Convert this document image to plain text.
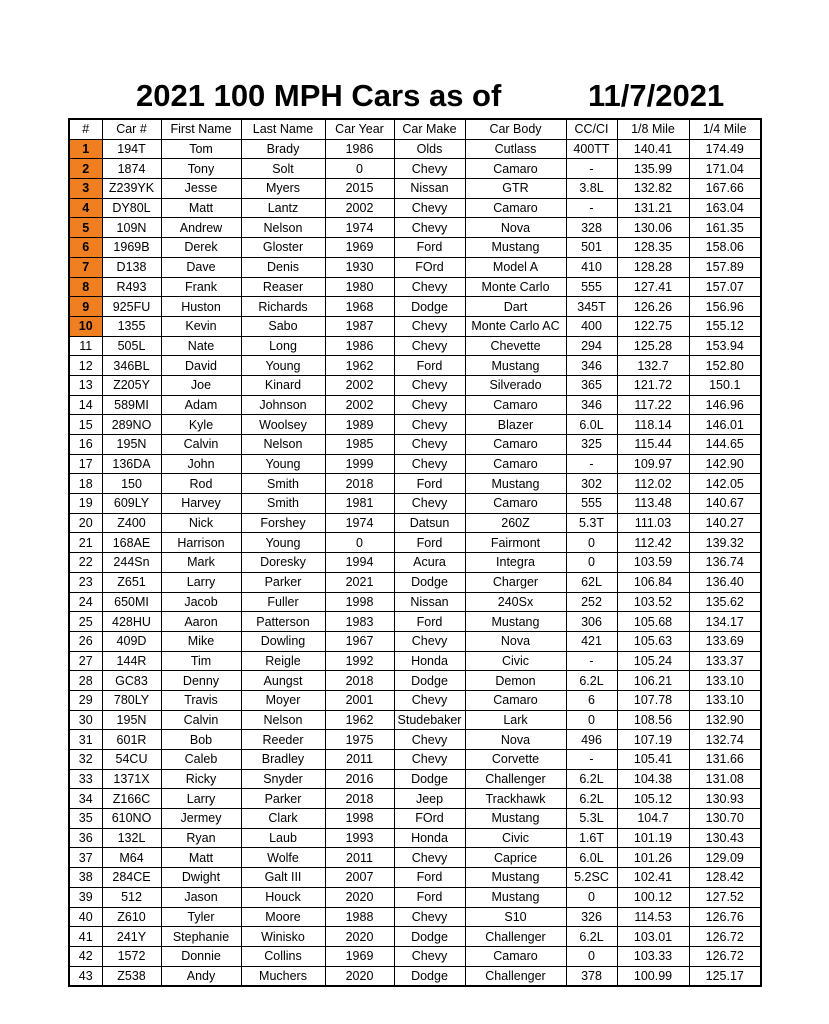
2021 100 MPH Cars as of	11/7/2021
#	Car #	First Name	Last Name	Car Year	Car Make	Car Body	CC/CI	1/8 Mile	1/4 Mile
1	194T	Tom	Brady	1986	Olds	Cutlass	400TT	140.41	174.49
2	1874	Tony	Solt	0	Chevy	Camaro	-	135.99	171.04
3	Z239YK	Jesse	Myers	2015	Nissan	GTR	3.8L	132.82	167.66
4	DY80L	Matt	Lantz	2002	Chevy	Camaro	-	131.21	163.04
5	109N	Andrew	Nelson	1974	Chevy	Nova	328	130.06	161.35
6	1969B	Derek	Gloster	1969	Ford	Mustang	501	128.35	158.06
7	D138	Dave	Denis	1930	FOrd	Model A	410	128.28	157.89
8	R493	Frank	Reaser	1980	Chevy	Monte Carlo	555	127.41	157.07
9	925FU	Huston	Richards	1968	Dodge	Dart	345T	126.26	156.96
10	1355	Kevin	Sabo	1987	Chevy	Monte Carlo AC	400	122.75	155.12
11	505L	Nate	Long	1986	Chevy	Chevette	294	125.28	153.94
12	346BL	David	Young	1962	Ford	Mustang	346	132.7	152.80
13	Z205Y	Joe	Kinard	2002	Chevy	Silverado	365	121.72	150.1
14	589MI	Adam	Johnson	2002	Chevy	Camaro	346	117.22	146.96
15	289NO	Kyle	Woolsey	1989	Chevy	Blazer	6.0L	118.14	146.01
16	195N	Calvin	Nelson	1985	Chevy	Camaro	325	115.44	144.65
17	136DA	John	Young	1999	Chevy	Camaro	-	109.97	142.90
18	150	Rod	Smith	2018	Ford	Mustang	302	112.02	142.05
19	609LY	Harvey	Smith	1981	Chevy	Camaro	555	113.48	140.67
20	Z400	Nick	Forshey	1974	Datsun	260Z	5.3T	111.03	140.27
21	168AE	Harrison	Young	0	Ford	Fairmont	0	112.42	139.32
22	244Sn	Mark	Doresky	1994	Acura	Integra	0	103.59	136.74
23	Z651	Larry	Parker	2021	Dodge	Charger	62L	106.84	136.40
24	650MI	Jacob	Fuller	1998	Nissan	240Sx	252	103.52	135.62
25	428HU	Aaron	Patterson	1983	Ford	Mustang	306	105.68	134.17
26	409D	Mike	Dowling	1967	Chevy	Nova	421	105.63	133.69
27	144R	Tim	Reigle	1992	Honda	Civic	-	105.24	133.37
28	GC83	Denny	Aungst	2018	Dodge	Demon	6.2L	106.21	133.10
29	780LY	Travis	Moyer	2001	Chevy	Camaro	6	107.78	133.10
30	195N	Calvin	Nelson	1962	Studebaker	Lark	0	108.56	132.90
31	601R	Bob	Reeder	1975	Chevy	Nova	496	107.19	132.74
32	54CU	Caleb	Bradley	2011	Chevy	Corvette	-	105.41	131.66
33	1371X	Ricky	Snyder	2016	Dodge	Challenger	6.2L	104.38	131.08
34	Z166C	Larry	Parker	2018	Jeep	Trackhawk	6.2L	105.12	130.93
35	610NO	Jermey	Clark	1998	FOrd	Mustang	5.3L	104.7	130.70
36	132L	Ryan	Laub	1993	Honda	Civic	1.6T	101.19	130.43
37	M64	Matt	Wolfe	2011	Chevy	Caprice	6.0L	101.26	129.09
38	284CE	Dwight	Galt III	2007	Ford	Mustang	5.2SC	102.41	128.42
39	512	Jason	Houck	2020	Ford	Mustang	0	100.12	127.52
40	Z610	Tyler	Moore	1988	Chevy	S10	326	114.53	126.76
41	241Y	Stephanie	Winisko	2020	Dodge	Challenger	6.2L	103.01	126.72
42	1572	Donnie	Collins	1969	Chevy	Camaro	0	103.33	126.72
43	Z538	Andy	Muchers	2020	Dodge	Challenger	378	100.99	125.17
